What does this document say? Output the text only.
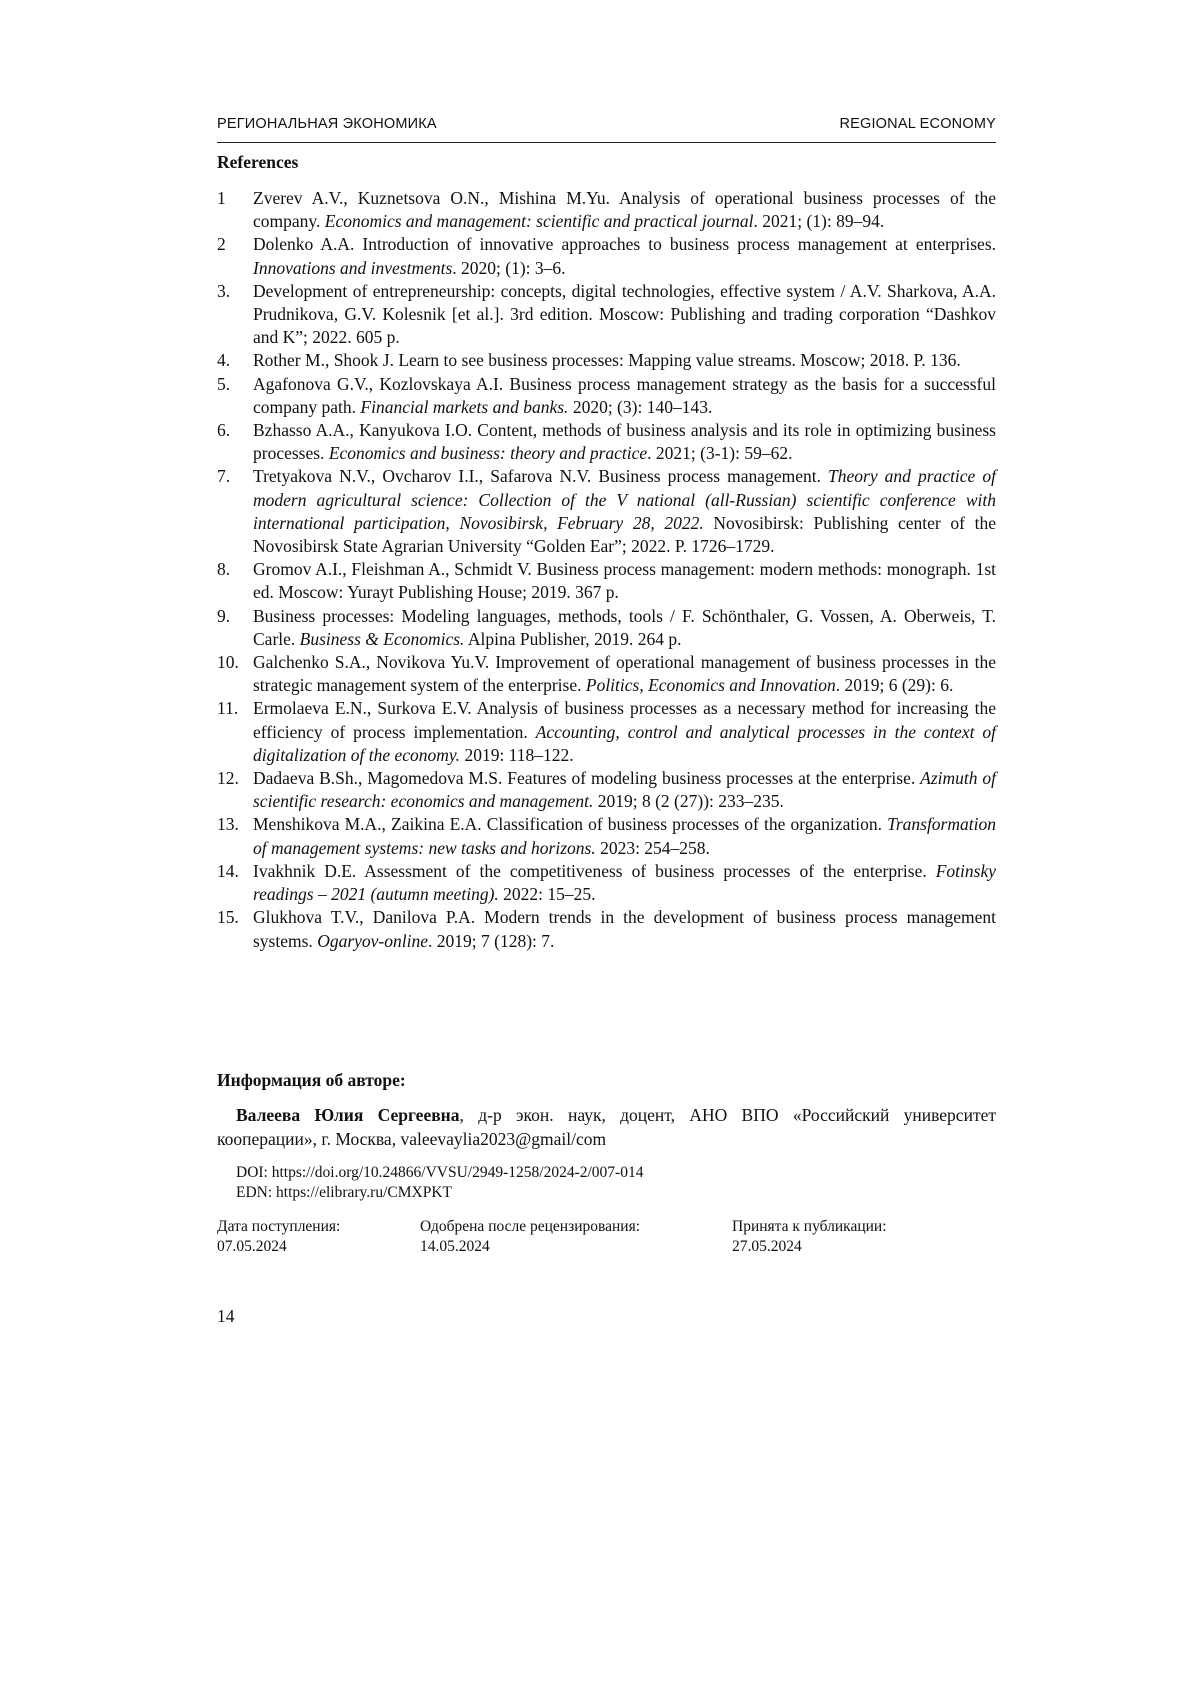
РЕГИОНАЛЬНАЯ ЭКОНОМИКА	REGIONAL ECONOMY
References
1	Zverev A.V., Kuznetsova O.N., Mishina M.Yu. Analysis of operational business processes of the company. Economics and management: scientific and practical journal. 2021; (1): 89–94.
2	Dolenko A.A. Introduction of innovative approaches to business process management at enterprises. Innovations and investments. 2020; (1): 3–6.
3.	Development of entrepreneurship: concepts, digital technologies, effective system / A.V. Sharkova, A.A. Prudnikova, G.V. Kolesnik [et al.]. 3rd edition. Moscow: Publishing and trading corporation “Dashkov and K”; 2022. 605 p.
4.	Rother M., Shook J. Learn to see business processes: Mapping value streams. Moscow; 2018. P. 136.
5.	Agafonova G.V., Kozlovskaya A.I. Business process management strategy as the basis for a successful company path. Financial markets and banks. 2020; (3): 140–143.
6.	Bzhasso A.A., Kanyukova I.O. Content, methods of business analysis and its role in optimizing business processes. Economics and business: theory and practice. 2021; (3-1): 59–62.
7.	Tretyakova N.V., Ovcharov I.I., Safarova N.V. Business process management. Theory and practice of modern agricultural science: Collection of the V national (all-Russian) scientific conference with international participation, Novosibirsk, February 28, 2022. Novosibirsk: Publishing center of the Novosibirsk State Agrarian University “Golden Ear”; 2022. P. 1726–1729.
8.	Gromov A.I., Fleishman A., Schmidt V. Business process management: modern methods: monograph. 1st ed. Moscow: Yurayt Publishing House; 2019. 367 p.
9.	Business processes: Modeling languages, methods, tools / F. Schönthaler, G. Vossen, A. Oberweis, T. Carle. Business & Economics. Alpina Publisher, 2019. 264 p.
10. Galchenko S.A., Novikova Yu.V. Improvement of operational management of business processes in the strategic management system of the enterprise. Politics, Economics and Innovation. 2019; 6 (29): 6.
11. Ermolaeva E.N., Surkova E.V. Analysis of business processes as a necessary method for increasing the efficiency of process implementation. Accounting, control and analytical processes in the context of digitalization of the economy. 2019: 118–122.
12. Dadaeva B.Sh., Magomedova M.S. Features of modeling business processes at the enterprise. Azimuth of scientific research: economics and management. 2019; 8 (2 (27)): 233–235.
13. Menshikova M.A., Zaikina E.A. Classification of business processes of the organization. Transformation of management systems: new tasks and horizons. 2023: 254–258.
14. Ivakhnik D.E. Assessment of the competitiveness of business processes of the enterprise. Fotinsky readings – 2021 (autumn meeting). 2022: 15–25.
15. Glukhova T.V., Danilova P.A. Modern trends in the development of business process management systems. Ogaryov-online. 2019; 7 (128): 7.
Информация об авторе:
Валеева Юлия Сергеевна, д-р экон. наук, доцент, АНО ВПО «Российский университет кооперации», г. Москва, valeevaylia2023@gmail/com
DOI: https://doi.org/10.24866/VVSU/2949-1258/2024-2/007-014
EDN: https://elibrary.ru/CMXPKT
Дата поступления:
07.05.2024
Одобрена после рецензирования:
14.05.2024
Принята к публикации:
27.05.2024
14
